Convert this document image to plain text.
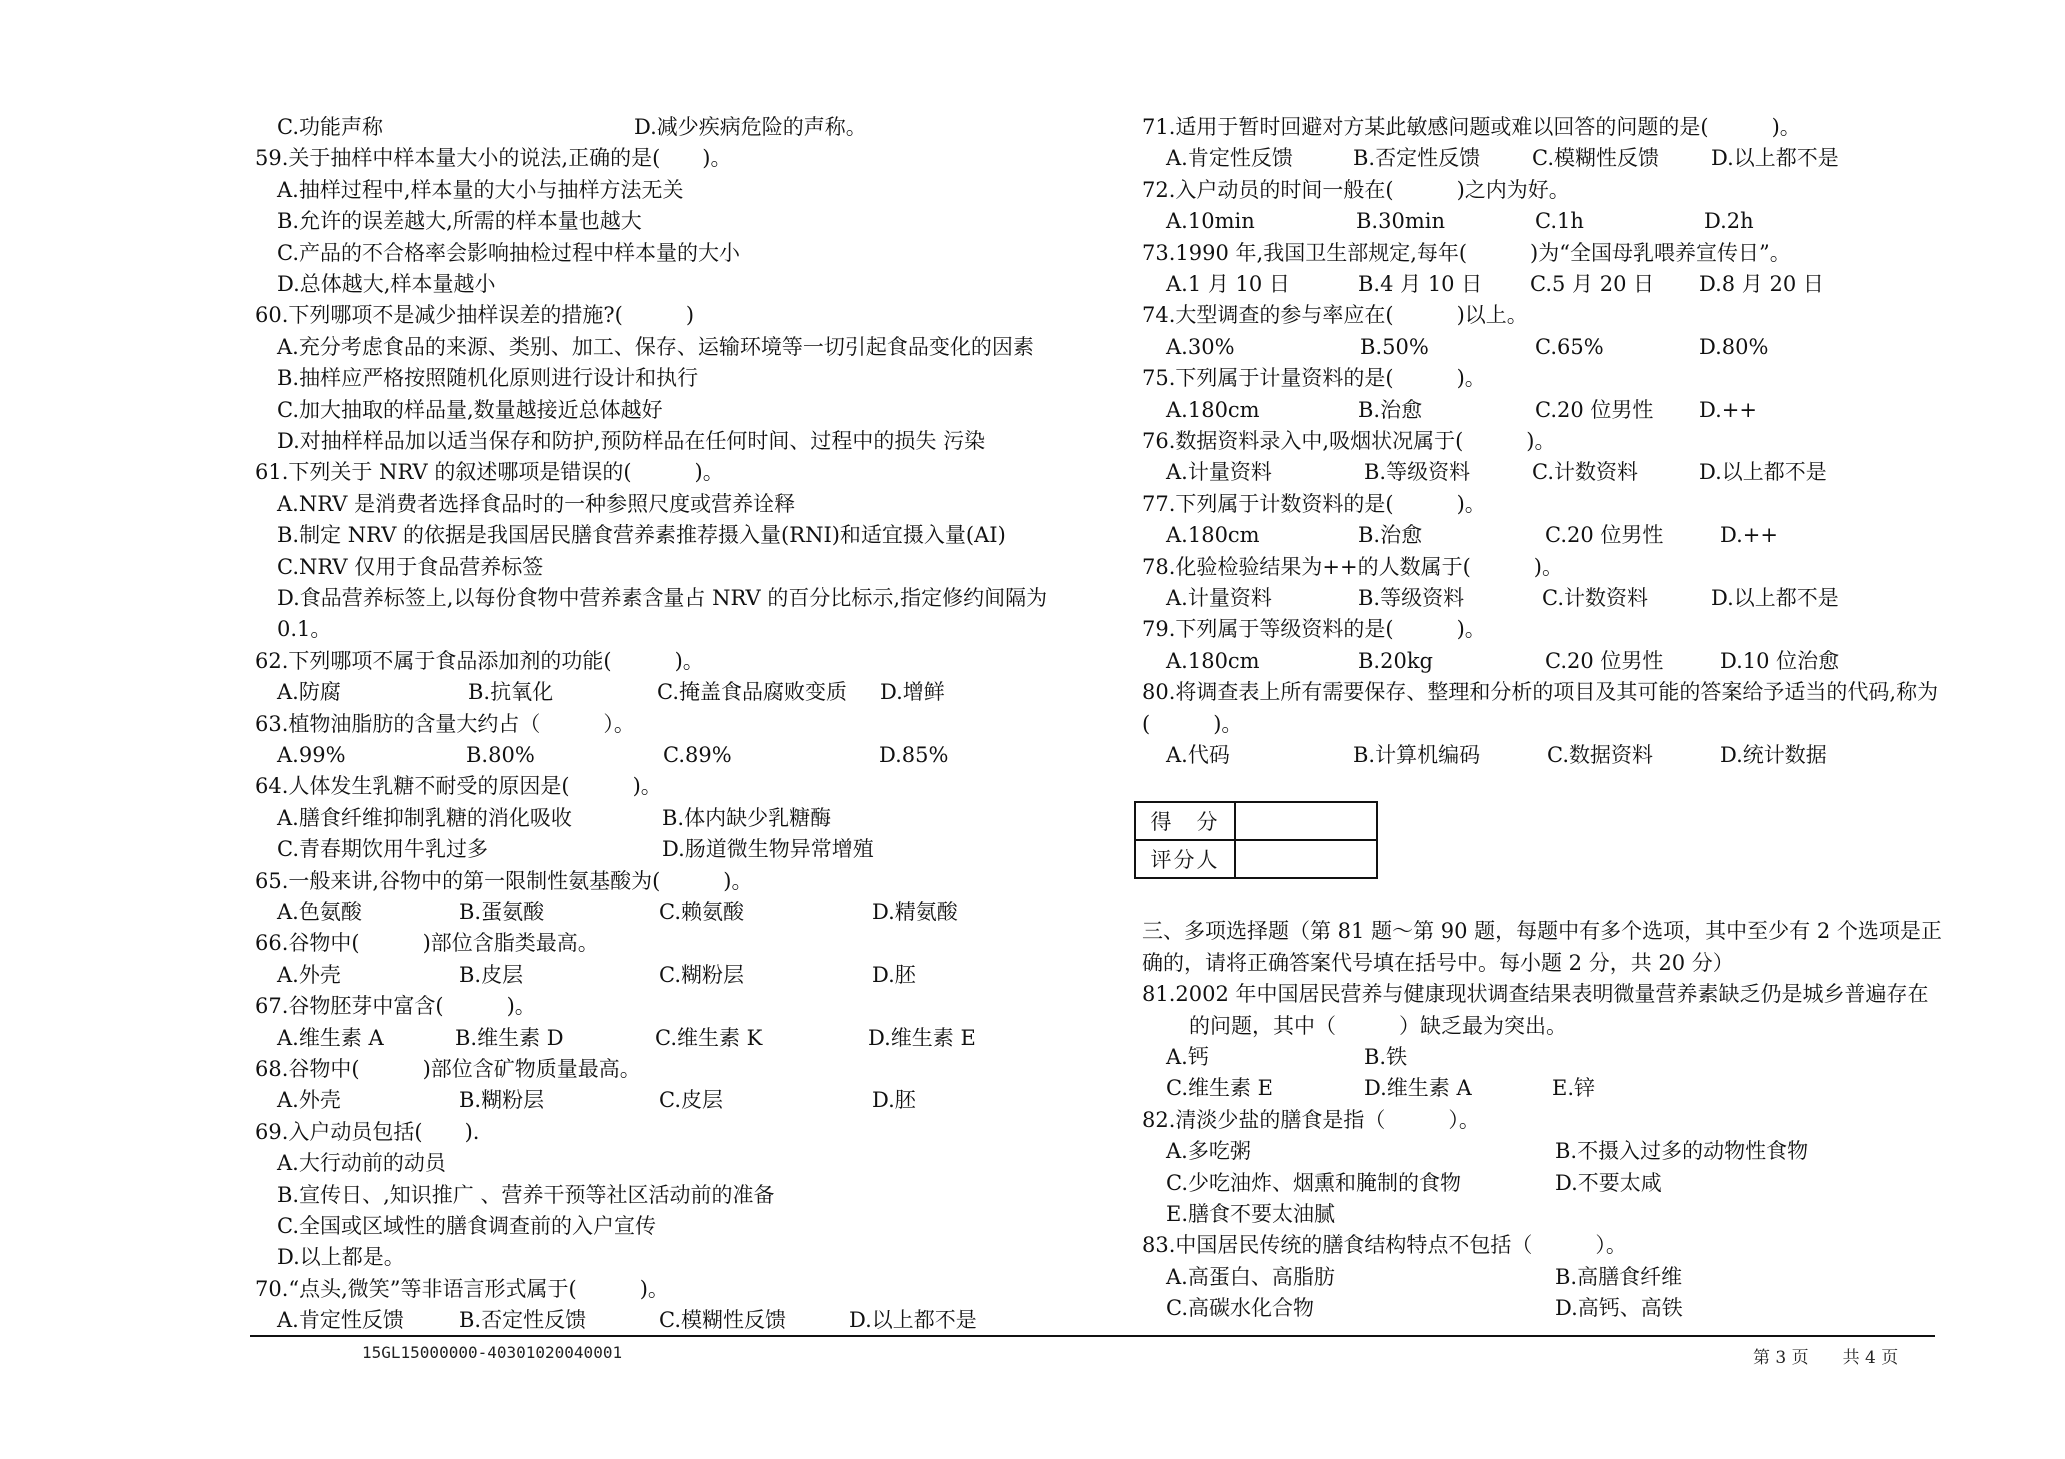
C.功能声称	D.减少疾病危险的声称。
59.关于抽样中样本量大小的说法,正确的是(　　)。
A.抽样过程中,样本量的大小与抽样方法无关
B.允许的误差越大,所需的样本量也越大
C.产品的不合格率会影响抽检过程中样本量的大小
D.总体越大,样本量越小
60.下列哪项不是减少抽样误差的措施?(　　　)
A.充分考虑食品的来源、类别、加工、保存、运输环境等一切引起食品变化的因素
B.抽样应严格按照随机化原则进行设计和执行
C.加大抽取的样品量,数量越接近总体越好
D.对抽样样品加以适当保存和防护,预防样品在任何时间、过程中的损失 污染
61.下列关于 NRV 的叙述哪项是错误的(　　　)。
A.NRV 是消费者选择食品时的一种参照尺度或营养诠释
B.制定 NRV 的依据是我国居民膳食营养素推荐摄入量(RNI)和适宜摄入量(AI)
C.NRV 仅用于食品营养标签
D.食品营养标签上,以每份食物中营养素含量占 NRV 的百分比标示,指定修约间隔为
0.1。
62.下列哪项不属于食品添加剂的功能(　　　)。
A.防腐	B.抗氧化	C.掩盖食品腐败变质 D.增鲜
63.植物油脂肪的含量大约占（　　　）。
A.99%	B.80%	C.89%	D.85%
64.人体发生乳糖不耐受的原因是(　　　)。
A.膳食纤维抑制乳糖的消化吸收	B.体内缺少乳糖酶
C.青春期饮用牛乳过多	D.肠道微生物异常增殖
65.一般来讲,谷物中的第一限制性氨基酸为(　　　)。
A.色氨酸	B.蛋氨酸	C.赖氨酸	D.精氨酸
66.谷物中(　　　)部位含脂类最高。
A.外壳	B.皮层	C.糊粉层	D.胚
67.谷物胚芽中富含(　　　)。
A.维生素 A	B.维生素 D	C.维生素 K	D.维生素 E
68.谷物中(　　　)部位含矿物质量最高。
A.外壳	B.糊粉层	C.皮层	D.胚
69.入户动员包括(　　).
A.大行动前的动员
B.宣传日、,知识推广 、营养干预等社区活动前的准备
C.全国或区域性的膳食调查前的入户宣传
D.以上都是。
70.“点头,微笑”等非语言形式属于(　　　)。
A.肯定性反馈	B.否定性反馈	C.模糊性反馈	D.以上都不是
71.适用于暂时回避对方某此敏感问题或难以回答的问题的是(　　　)。
A.肯定性反馈	B.否定性反馈 C.模糊性反馈 D.以上都不是
72.入户动员的时间一般在(　　　)之内为好。
A.10min	B.30min	C.1h	D.2h
73.1990 年,我国卫生部规定,每年(　　　)为“全国母乳喂养宣传日”。
A.1 月 10 日	B.4 月 10 日 C.5 月 20 日 D.8 月 20 日
74.大型调查的参与率应在(　　　)以上。
A.30%	B.50%	C.65%	D.80%
75.下列属于计量资料的是(　　　)。
A.180cm	B.治愈	C.20 位男性 D.++
76.数据资料录入中,吸烟状况属于(　　　)。
A.计量资料	B.等级资料	C.计数资料	D.以上都不是
77.下列属于计数资料的是(　　　)。
A.180cm	B.治愈	C.20 位男性	D.++
78.化验检验结果为++的人数属于(　　　)。
A.计量资料	B.等级资料	C.计数资料	D.以上都不是
79.下列属于等级资料的是(　　　)。
A.180cm	B.20kg	C.20 位男性	D.10 位治愈
80.将调查表上所有需要保存、整理和分析的项目及其可能的答案给予适当的代码,称为
(　　　)。
A.代码	B.计算机编码	C.数据资料	D.统计数据
三、多项选择题（第 81 题～第 90 题，每题中有多个选项，其中至少有 2 个选项是正
确的，请将正确答案代号填在括号中。每小题 2 分，共 20 分）
81.2002 年中国居民营养与健康现状调查结果表明微量营养素缺乏仍是城乡普遍存在
的问题，其中（　　　）缺乏最为突出。
A.钙	B.铁
C.维生素 E	D.维生素 A	E.锌
82.清淡少盐的膳食是指（　　　）。
A.多吃粥	B.不摄入过多的动物性食物
C.少吃油炸、烟熏和腌制的食物	D.不要太咸
E.膳食不要太油腻
83.中国居民传统的膳食结构特点不包括（　　　）。
A.高蛋白、高脂肪	B.高膳食纤维
C.高碳水化合物	D.高钙、高铁
得　分	
评分人	
15GL15000000-40301020040001	第 3 页　　共 4 页
